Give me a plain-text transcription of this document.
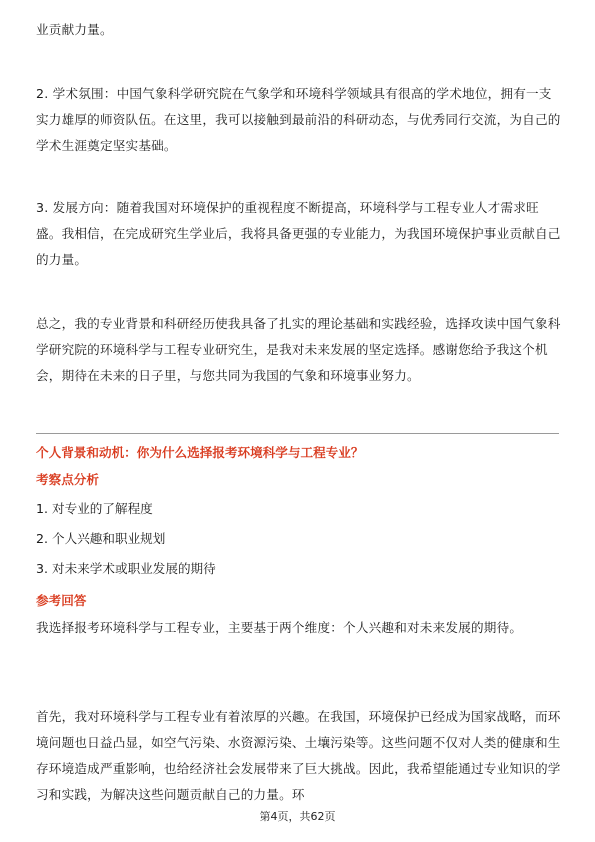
业贡献力量。

2. 学术氛围：中国气象科学研究院在气象学和环境科学领域具有很高的学术地位，拥有一支实力雄厚的师资队伍。在这里，我可以接触到最前沿的科研动态，与优秀同行交流，为自己的学术生涯奠定坚实基础。

3. 发展方向：随着我国对环境保护的重视程度不断提高，环境科学与工程专业人才需求旺盛。我相信，在完成研究生学业后，我将具备更强的专业能力，为我国环境保护事业贡献自己的力量。

总之，我的专业背景和科研经历使我具备了扎实的理论基础和实践经验，选择攻读中国气象科学研究院的环境科学与工程专业研究生，是我对未来发展的坚定选择。感谢您给予我这个机会，期待在未来的日子里，与您共同为我国的气象和环境事业努力。

个人背景和动机：你为什么选择报考环境科学与工程专业？

考察点分析

1. 对专业的了解程度

2. 个人兴趣和职业规划

3. 对未来学术或职业发展的期待

参考回答

我选择报考环境科学与工程专业，主要基于两个维度：个人兴趣和对未来发展的期待。

首先，我对环境科学与工程专业有着浓厚的兴趣。在我国，环境保护已经成为国家战略，而环境问题也日益凸显，如空气污染、水资源污染、土壤污染等。这些问题不仅对人类的健康和生存环境造成严重影响，也给经济社会发展带来了巨大挑战。因此，我希望能通过专业知识的学习和实践，为解决这些问题贡献自己的力量。环

第4页，共62页
